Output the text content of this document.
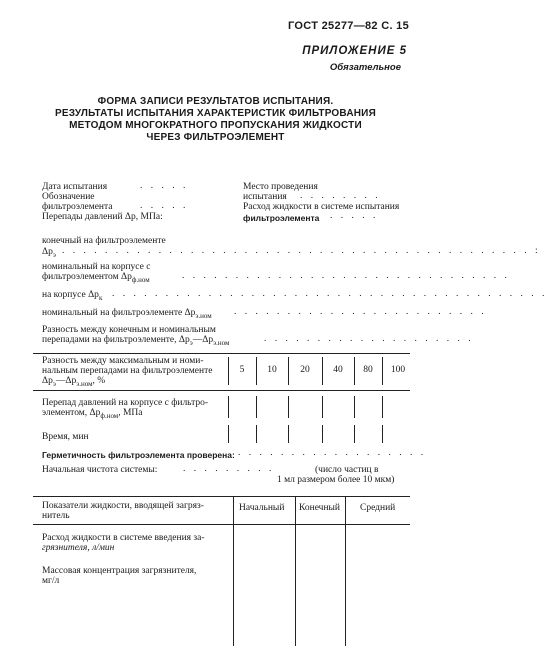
ГОСТ 25277—82 С. 15
ПРИЛОЖЕНИЕ 5
Обязательное
ФОРМА ЗАПИСИ РЕЗУЛЬТАТОВ ИСПЫТАНИЯ.
РЕЗУЛЬТАТЫ ИСПЫТАНИЯ ХАРАКТЕРИСТИК ФИЛЬТРОВАНИЯ
МЕТОДОМ МНОГОКРАТНОГО ПРОПУСКАНИЯ ЖИДКОСТИ
ЧЕРЕЗ ФИЛЬТРОЭЛЕМЕНТ
Дата испытания	. . . . .
Обозначение
фильтроэлемента	. . . . .
Перепады давлений Δp, МПа:
Место проведения
испытания . . . . . . . .
Расход жидкости в системе испытания
фильтроэлемента . . . . .
конечный на фильтроэлементе
$\Delta p_э$ . . . . . . . . . . . . . . . . . . . . . . . . . . . . . . . . . . . . . . . . . . . . :
номинальный на корпусе с
фильтроэлементом $\Delta p_{ф.ном}$	. . . . . . . . . . . . . . . . . . . . . . . . . . . . . . .
на корпусе $\Delta p_к$ . . . . . . . . . . . . . . . . . . . . . . . . . . . . . . . . . . . . . . . . .
номинальный на фильтроэлементе $\Delta p_{э.ном}$ . . . . . . . . . . . . . . . . . . . . . . . .
Разность между конечным и номинальным
перепадами на фильтроэлементе, $\Delta p_э—\Delta p_{э.ном}$	. . . . . . . . . . . . . . . . . . . .
Разность между максимальным и номи-
нальным перепадами на фильтроэлементе
$\Delta p_э—\Delta p_{э.ном}$, %
5	10	20	40	80	100
Перепад давлений на корпусе с фильтро-
элементом, $\Delta p_{ф.ном}$, МПа
Время, мин
Герметичность фильтроэлемента проверена: . . . . . . . . . . . . . . . . . .
Начальная чистота системы:	. . . . . . . . .	(число частиц в
1 мл размером более 10 мкм)
Показатели жидкости, вводящей загряз-
нитель
Начальный Конечный Средний
Расход жидкости в системе введения за-
грязнителя, л/мин
Массовая концентрация загрязнителя,
мг/л
